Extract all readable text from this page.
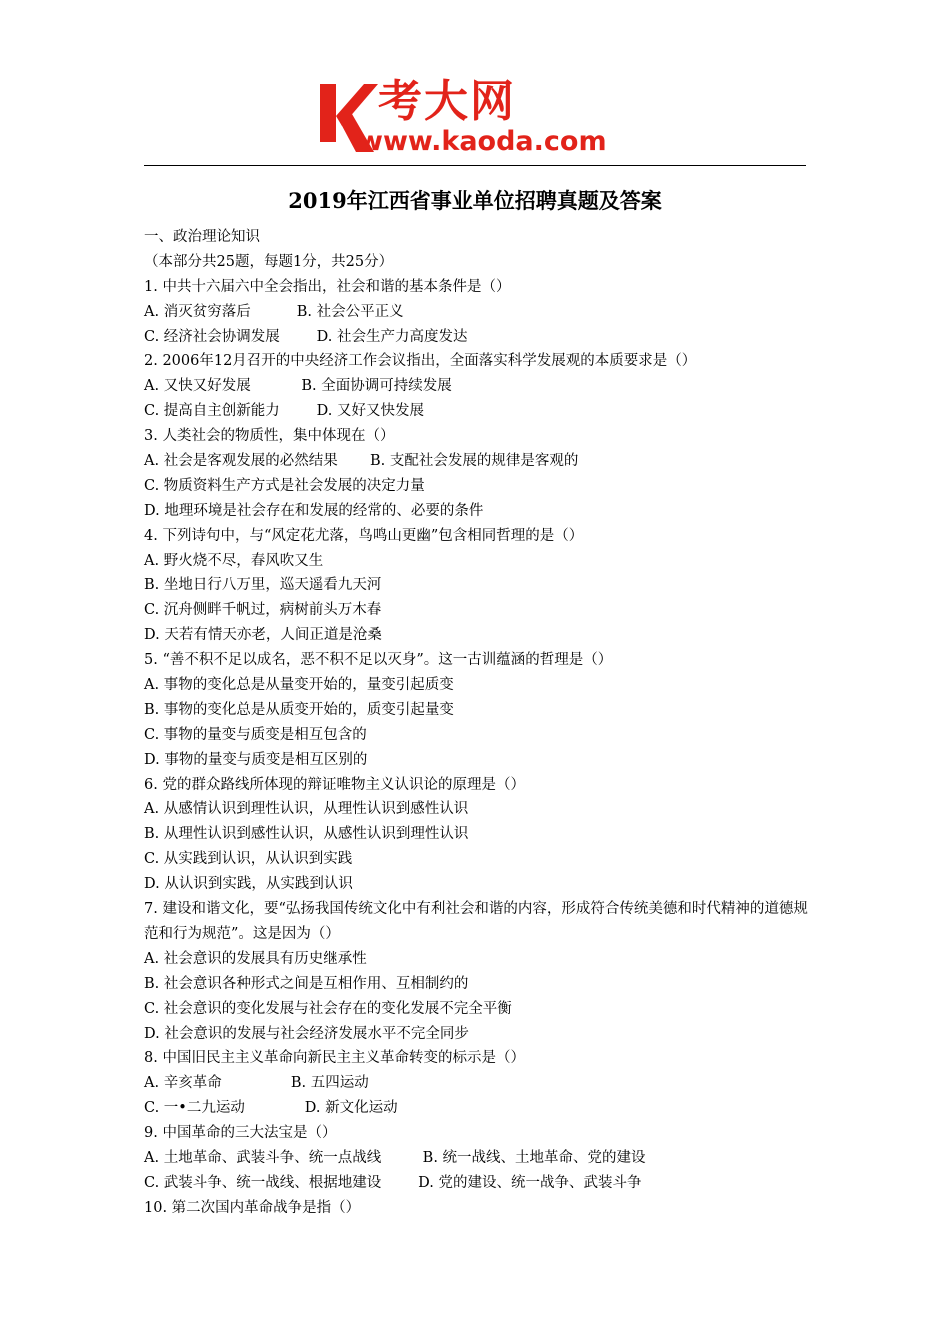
考大网
www.kaoda.com
2019年江西省事业单位招聘真题及答案
一、政治理论知识
（本部分共25题，每题1分，共25分）
1. 中共十六届六中全会指出，社会和谐的基本条件是（）
A. 消灭贫穷落后          B. 社会公平正义
C. 经济社会协调发展        D. 社会生产力高度发达
2. 2006年12月召开的中央经济工作会议指出，全面落实科学发展观的本质要求是（）
A. 又快又好发展           B. 全面协调可持续发展
C. 提高自主创新能力        D. 又好又快发展
3. 人类社会的物质性，集中体现在（）
A. 社会是客观发展的必然结果       B. 支配社会发展的规律是客观的
C. 物质资料生产方式是社会发展的决定力量
D. 地理环境是社会存在和发展的经常的、必要的条件
4. 下列诗句中，与“风定花尤落，鸟鸣山更幽”包含相同哲理的是（）
A. 野火烧不尽，春风吹又生
B. 坐地日行八万里，巡天遥看九天河
C. 沉舟侧畔千帆过，病树前头万木春
D. 天若有情天亦老，人间正道是沧桑
5. “善不积不足以成名，恶不积不足以灭身”。这一古训蕴涵的哲理是（）
A. 事物的变化总是从量变开始的，量变引起质变
B. 事物的变化总是从质变开始的，质变引起量变
C. 事物的量变与质变是相互包含的
D. 事物的量变与质变是相互区别的
6. 党的群众路线所体现的辩证唯物主义认识论的原理是（）
A. 从感情认识到理性认识，从理性认识到感性认识
B. 从理性认识到感性认识，从感性认识到理性认识
C. 从实践到认识，从认识到实践
D. 从认识到实践，从实践到认识
7. 建设和谐文化，要“弘扬我国传统文化中有利社会和谐的内容，形成符合传统美德和时代精神的道德规范和行为规范”。这是因为（）
A. 社会意识的发展具有历史继承性
B. 社会意识各种形式之间是互相作用、互相制约的
C. 社会意识的变化发展与社会存在的变化发展不完全平衡
D. 社会意识的发展与社会经济发展水平不完全同步
8. 中国旧民主主义革命向新民主主义革命转变的标示是（）
A. 辛亥革命               B. 五四运动
C. 一•二九运动             D. 新文化运动
9. 中国革命的三大法宝是（）
A. 土地革命、武装斗争、统一点战线         B. 统一战线、土地革命、党的建设
C. 武装斗争、统一战线、根据地建设        D. 党的建设、统一战争、武装斗争
10. 第二次国内革命战争是指（）
